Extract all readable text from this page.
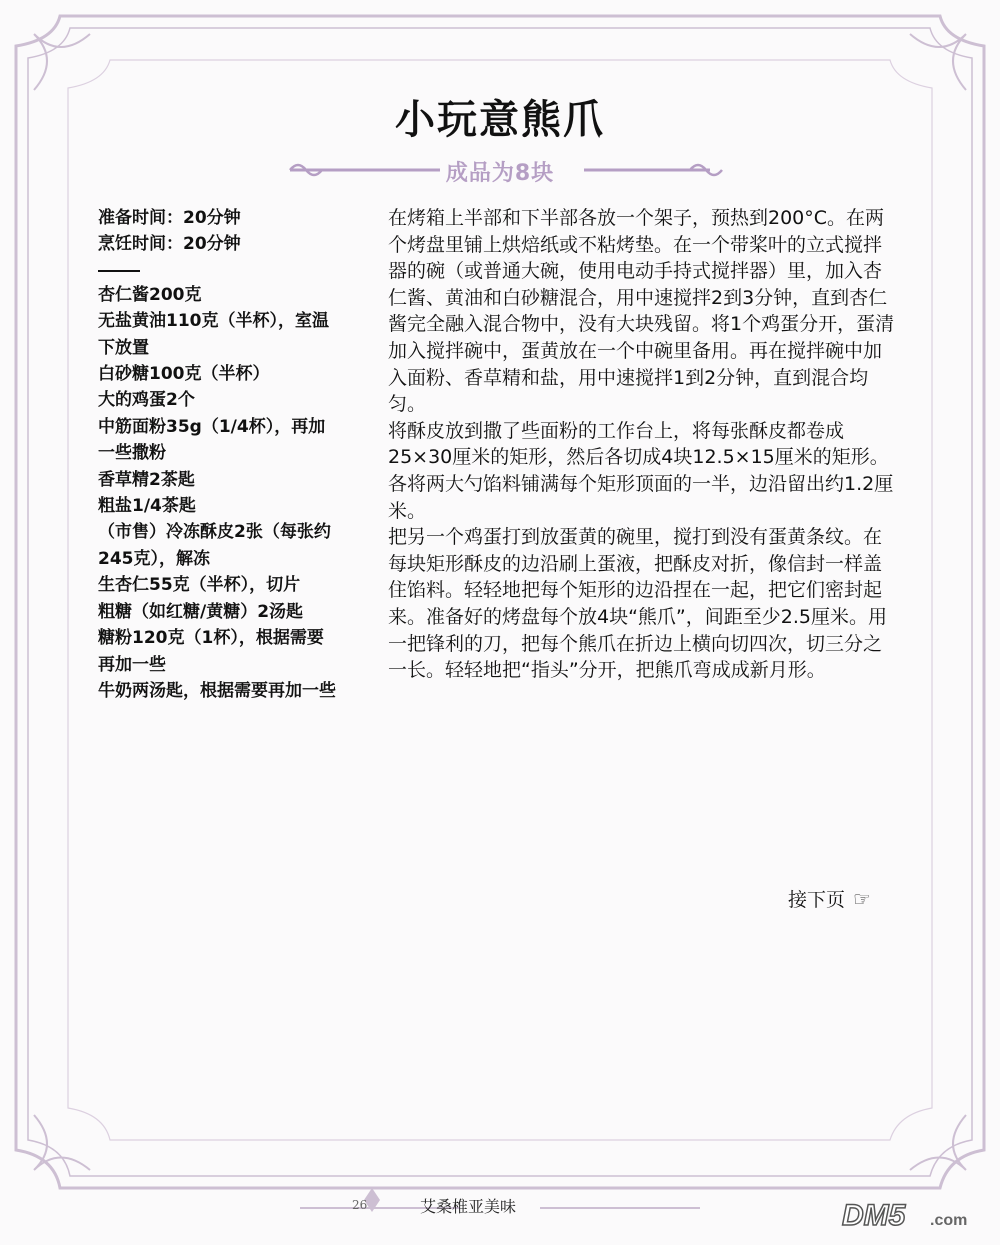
小玩意熊爪
成品为8块
准备时间：20分钟
烹饪时间：20分钟
杏仁酱200克
无盐黄油110克（半杯），室温下放置
白砂糖100克（半杯）
大的鸡蛋2个
中筋面粉35g（1/4杯），再加一些撒粉
香草精2茶匙
粗盐1/4茶匙
（市售）冷冻酥皮2张（每张约245克），解冻
生杏仁55克（半杯），切片
粗糖（如红糖/黄糖）2汤匙
糖粉120克（1杯），根据需要再加一些
牛奶两汤匙，根据需要再加一些

在烤箱上半部和下半部各放一个架子，预热到200°C。在两个烤盘里铺上烘焙纸或不粘烤垫。在一个带桨叶的立式搅拌器的碗（或普通大碗，使用电动手持式搅拌器）里，加入杏仁酱、黄油和白砂糖混合，用中速搅拌2到3分钟，直到杏仁酱完全融入混合物中，没有大块残留。将1个鸡蛋分开，蛋清加入搅拌碗中，蛋黄放在一个中碗里备用。再在搅拌碗中加入面粉、香草精和盐，用中速搅拌1到2分钟，直到混合均匀。

将酥皮放到撒了些面粉的工作台上，将每张酥皮都卷成25×30厘米的矩形，然后各切成4块12.5×15厘米的矩形。各将两大勺馅料铺满每个矩形顶面的一半，边沿留出约1.2厘米。

把另一个鸡蛋打到放蛋黄的碗里，搅打到没有蛋黄条纹。在每块矩形酥皮的边沿刷上蛋液，把酥皮对折，像信封一样盖住馅料。轻轻地把每个矩形的边沿捏在一起，把它们密封起来。准备好的烤盘每个放4块“熊爪”，间距至少2.5厘米。用一把锋利的刀，把每个熊爪在折边上横向切四次，切三分之一长。轻轻地把“指头”分开，把熊爪弯成成新月形。

接下页 ☞
26	艾桑椎亚美味	DM5 .com
